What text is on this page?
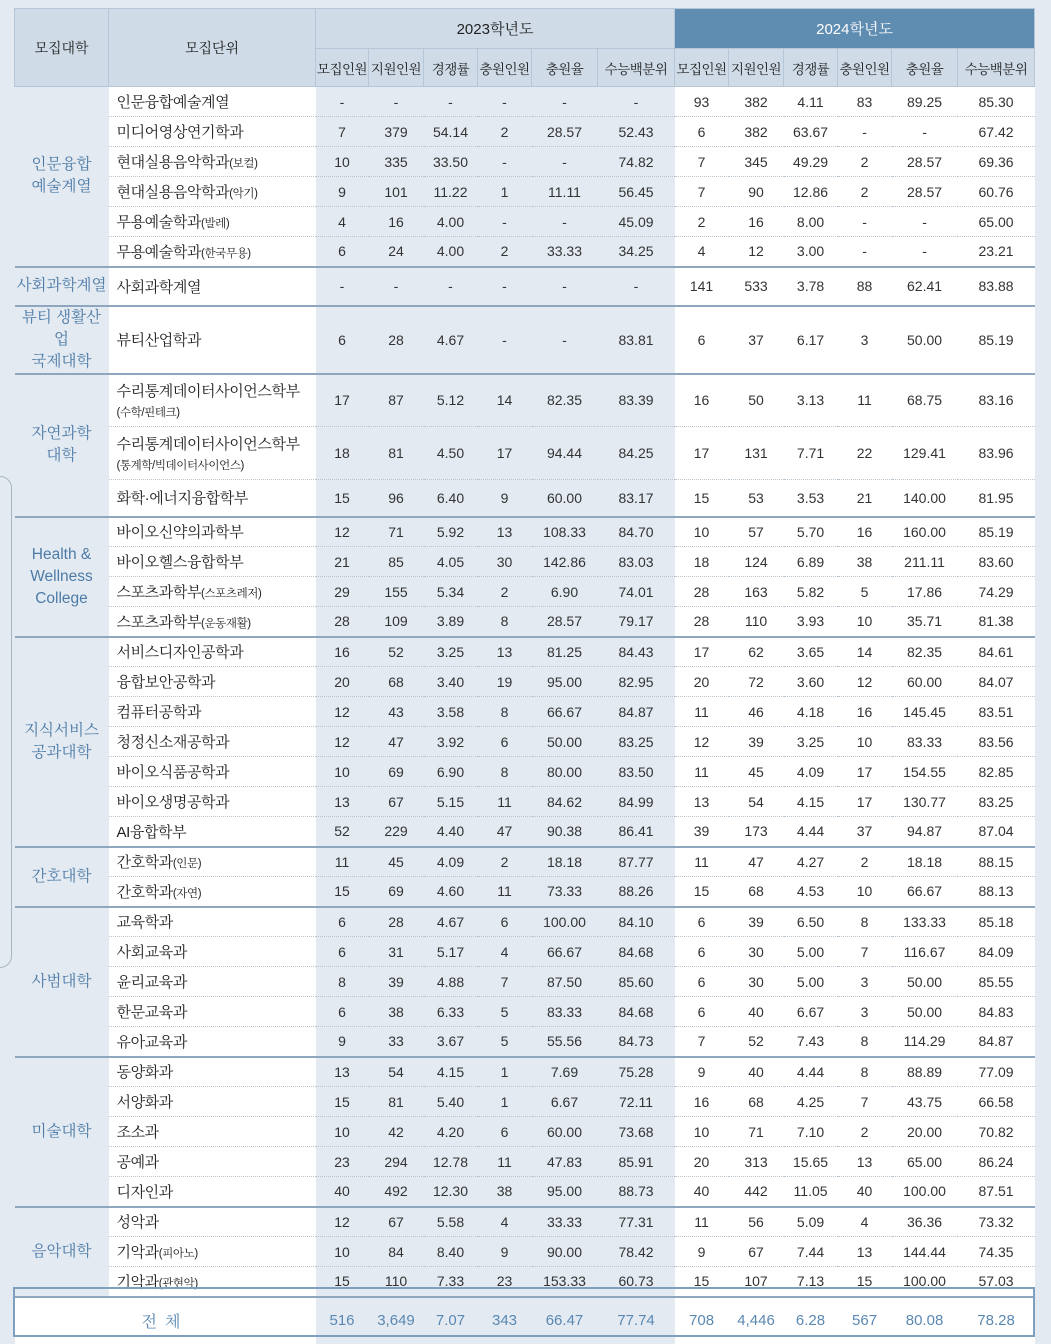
모집대학	모집단위	2023학년도						2024학년도					
		모집인원	지원인원	경쟁률	충원인원	충원율	수능백분위	모집인원	지원인원	경쟁률	충원인원	충원율	수능백분위
인문융합
예술계열	인문융합예술계열	-	-	-	-	-	-	93	382	4.11	83	89.25	85.30
	미디어영상연기학과	7	379	54.14	2	28.57	52.43	6	382	63.67	-	-	67.42
	현대실용음악학과(보컬)	10	335	33.50	-	-	74.82	7	345	49.29	2	28.57	69.36
	현대실용음악학과(악기)	9	101	11.22	1	11.11	56.45	7	90	12.86	2	28.57	60.76
	무용예술학과(발레)	4	16	4.00	-	-	45.09	2	16	8.00	-	-	65.00
	무용예술학과(한국무용)	6	24	4.00	2	33.33	34.25	4	12	3.00	-	-	23.21
사회과학계열	사회과학계열	-	-	-	-	-	-	141	533	3.78	88	62.41	83.88
뷰티 생활산업
국제대학	뷰티산업학과	6	28	4.67	-	-	83.81	6	37	6.17	3	50.00	85.19
자연과학
대학	수리통계데이터사이언스학부
(수학/핀테크)	17	87	5.12	14	82.35	83.39	16	50	3.13	11	68.75	83.16
	수리통계데이터사이언스학부
(통계학/빅데이터사이언스)	18	81	4.50	17	94.44	84.25	17	131	7.71	22	129.41	83.96
	화학·에너지융합학부	15	96	6.40	9	60.00	83.17	15	53	3.53	21	140.00	81.95
Health &
Wellness
College	바이오신약의과학부	12	71	5.92	13	108.33	84.70	10	57	5.70	16	160.00	85.19
	바이오헬스융합학부	21	85	4.05	30	142.86	83.03	18	124	6.89	38	211.11	83.60
	스포츠과학부(스포츠레저)	29	155	5.34	2	6.90	74.01	28	163	5.82	5	17.86	74.29
	스포츠과학부(운동재활)	28	109	3.89	8	28.57	79.17	28	110	3.93	10	35.71	81.38
지식서비스
공과대학	서비스디자인공학과	16	52	3.25	13	81.25	84.43	17	62	3.65	14	82.35	84.61
	융합보안공학과	20	68	3.40	19	95.00	82.95	20	72	3.60	12	60.00	84.07
	컴퓨터공학과	12	43	3.58	8	66.67	84.87	11	46	4.18	16	145.45	83.51
	청정신소재공학과	12	47	3.92	6	50.00	83.25	12	39	3.25	10	83.33	83.56
	바이오식품공학과	10	69	6.90	8	80.00	83.50	11	45	4.09	17	154.55	82.85
	바이오생명공학과	13	67	5.15	11	84.62	84.99	13	54	4.15	17	130.77	83.25
	AI융합학부	52	229	4.40	47	90.38	86.41	39	173	4.44	37	94.87	87.04
간호대학	간호학과(인문)	11	45	4.09	2	18.18	87.77	11	47	4.27	2	18.18	88.15
	간호학과(자연)	15	69	4.60	11	73.33	88.26	15	68	4.53	10	66.67	88.13
사범대학	교육학과	6	28	4.67	6	100.00	84.10	6	39	6.50	8	133.33	85.18
	사회교육과	6	31	5.17	4	66.67	84.68	6	30	5.00	7	116.67	84.09
	윤리교육과	8	39	4.88	7	87.50	85.60	6	30	5.00	3	50.00	85.55
	한문교육과	6	38	6.33	5	83.33	84.68	6	40	6.67	3	50.00	84.83
	유아교육과	9	33	3.67	5	55.56	84.73	7	52	7.43	8	114.29	84.87
미술대학	동양화과	13	54	4.15	1	7.69	75.28	9	40	4.44	8	88.89	77.09
	서양화과	15	81	5.40	1	6.67	72.11	16	68	4.25	7	43.75	66.58
	조소과	10	42	4.20	6	60.00	73.68	10	71	7.10	2	20.00	70.82
	공예과	23	294	12.78	11	47.83	85.91	20	313	15.65	13	65.00	86.24
	디자인과	40	492	12.30	38	95.00	88.73	40	442	11.05	40	100.00	87.51
음악대학	성악과	12	67	5.58	4	33.33	77.31	11	56	5.09	4	36.36	73.32
	기악과(피아노)	10	84	8.40	9	90.00	78.42	9	67	7.44	13	144.44	74.35
	기악과(관현악)	15	110	7.33	23	153.33	60.73	15	107	7.13	15	100.00	57.03
전체		516	3,649	7.07	343	66.47	77.74	708	4,446	6.28	567	80.08	78.28
